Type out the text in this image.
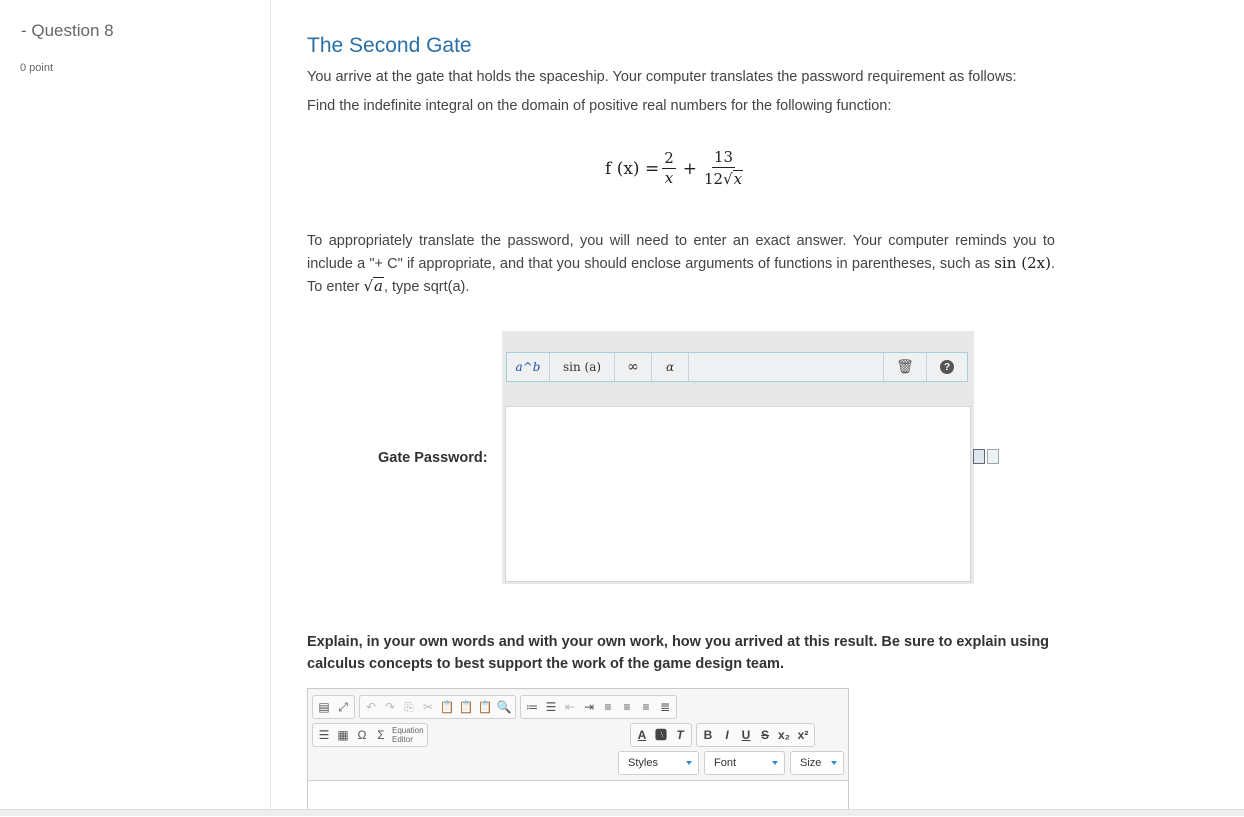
- Question 8
0 point
The Second Gate
You arrive at the gate that holds the spaceship. Your computer translates the password requirement as follows:
Find the indefinite integral on the domain of positive real numbers for the following function:
f $(x) = \frac{2}{x} + \frac{13}{12√x}$
To appropriately translate the password, you will need to enter an exact answer. Your computer reminds you to include a "+ C" if appropriate, and that you should enclose arguments of functions in parentheses, such as sin (2x). To enter √a, type sqrt(a).
Gate Password:
a^b	sin (a)	∞	α	🗑	?
Explain, in your own words and with your own work, how you arrived at this result. Be sure to explain using calculus concepts to best support the work of the game design team.
▤ ⤢ ↶ ↷ ⎘ ✂ 📋 📋 📋 🔍 ≔ ☰ ⇤ ⇥ ≡ ≡ ≡ ≣
☰ ▦ Ω Σ Equation
Editor	A 🅰 T	B	I	U S x₂ x²
Styles	Font	Size
